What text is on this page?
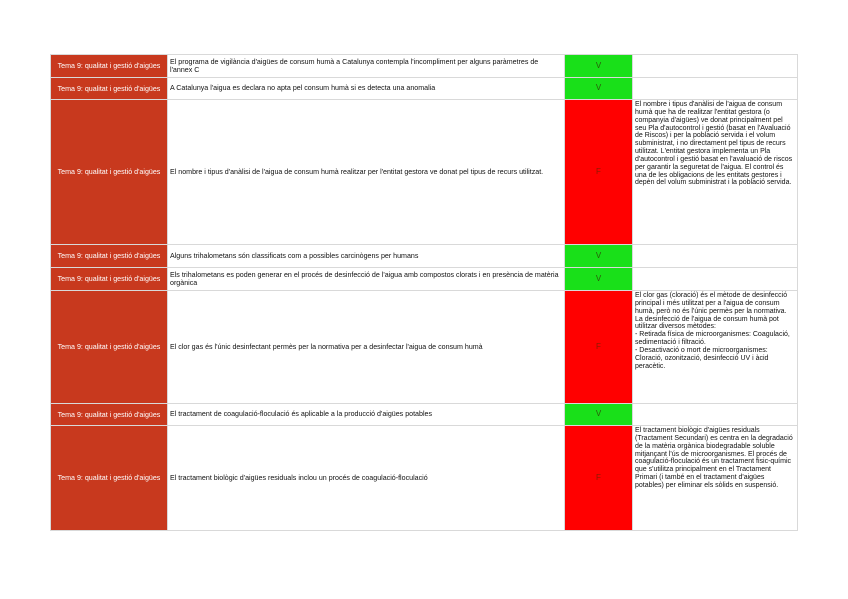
Tema 9: qualitat i gestió d'aigües	El programa de vigilància d'aigües de consum humà a Catalunya contempla l'incompliment per alguns paràmetres de l'annex C	V	
Tema 9: qualitat i gestió d'aigües	A Catalunya l'aigua es declara no apta pel consum humà si es detecta una anomalia	V	
Tema 9: qualitat i gestió d'aigües	El nombre i tipus d'anàlisi de l'aigua de consum humà realitzar per l'entitat gestora ve donat pel tipus de recurs utilitzat.	F	El nombre i tipus d'anàlisi de l'aigua de consum humà que ha de realitzar l'entitat gestora (o companyia d'aigües) ve donat principalment pel seu Pla d'autocontrol i gestió (basat en l'Avaluació de Riscos) i per la població servida i el volum subministrat, i no directament pel tipus de recurs utilitzat. L'entitat gestora implementa un Pla d'autocontrol i gestió basat en l'avaluació de riscos per garantir la seguretat de l'aigua. El control és una de les obligacions de les entitats gestores i depèn del volum subministrat i la població servida.
Tema 9: qualitat i gestió d'aigües	Alguns trihalometans són classificats com a possibles carcinògens per humans	V	
Tema 9: qualitat i gestió d'aigües	Els trihalometans es poden generar en el procés de desinfecció de l'aigua amb compostos clorats i en presència de matèria orgànica	V	
Tema 9: qualitat i gestió d'aigües	El clor gas és l'únic desinfectant permès per la normativa per a desinfectar l'aigua de consum humà	F	El clor gas (cloració) és el mètode de desinfecció principal i més utilitzat per a l'aigua de consum humà, però no és l'únic permès per la normativa. La desinfecció de l'aigua de consum humà pot utilitzar diversos mètodes:
- Retirada física de microorganismes: Coagulació, sedimentació i filtració.
- Desactivació o mort de microorganismes: Cloració, ozonització, desinfecció UV i àcid peracètic.
Tema 9: qualitat i gestió d'aigües	El tractament de coagulació-floculació és aplicable a la producció d'aigües potables	V	
Tema 9: qualitat i gestió d'aigües	El tractament biològic d'aigües residuals inclou un procés de coagulació-floculació	F	El tractament biològic d'aigües residuals (Tractament Secundari) es centra en la degradació de la matèria orgànica biodegradable soluble mitjançant l'ús de microorganismes. El procés de coagulació-floculació és un tractament fisic-químic que s'utilitza principalment en el Tractament Primari (i també en el tractament d'aigües potables) per eliminar els sòlids en suspensió.
